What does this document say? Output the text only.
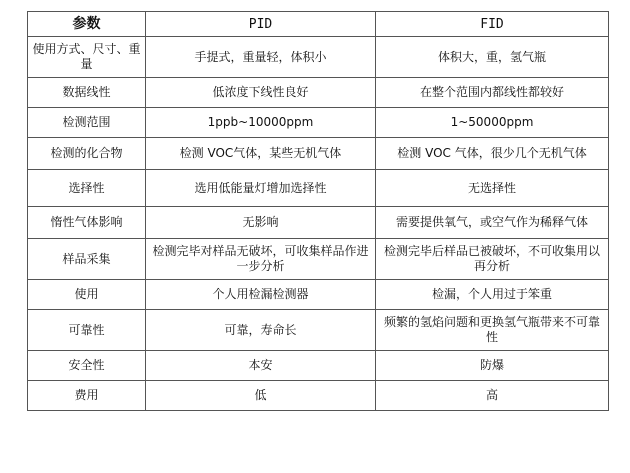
参数	PID	FID
使用方式、尺寸、重量	手提式，重量轻，体积小	体积大，重，氢气瓶
数据线性	低浓度下线性良好	在整个范围内都线性都较好
检测范围	1ppb~10000ppm	1~50000ppm
检测的化合物	检测 VOC气体，某些无机气体	检测 VOC 气体，很少几个无机气体
选择性	选用低能量灯增加选择性	无选择性
惰性气体影响	无影响	需要提供氧气，或空气作为稀释气体
样品采集	检测完毕对样品无破坏，可收集样品作进一步分析	检测完毕后样品已被破坏，不可收集用以再分析
使用	个人用检漏检测器	检漏，个人用过于笨重
可靠性	可靠，寿命长	频繁的氢焰问题和更换氢气瓶带来不可靠性
安全性	本安	防爆
费用	低	高
